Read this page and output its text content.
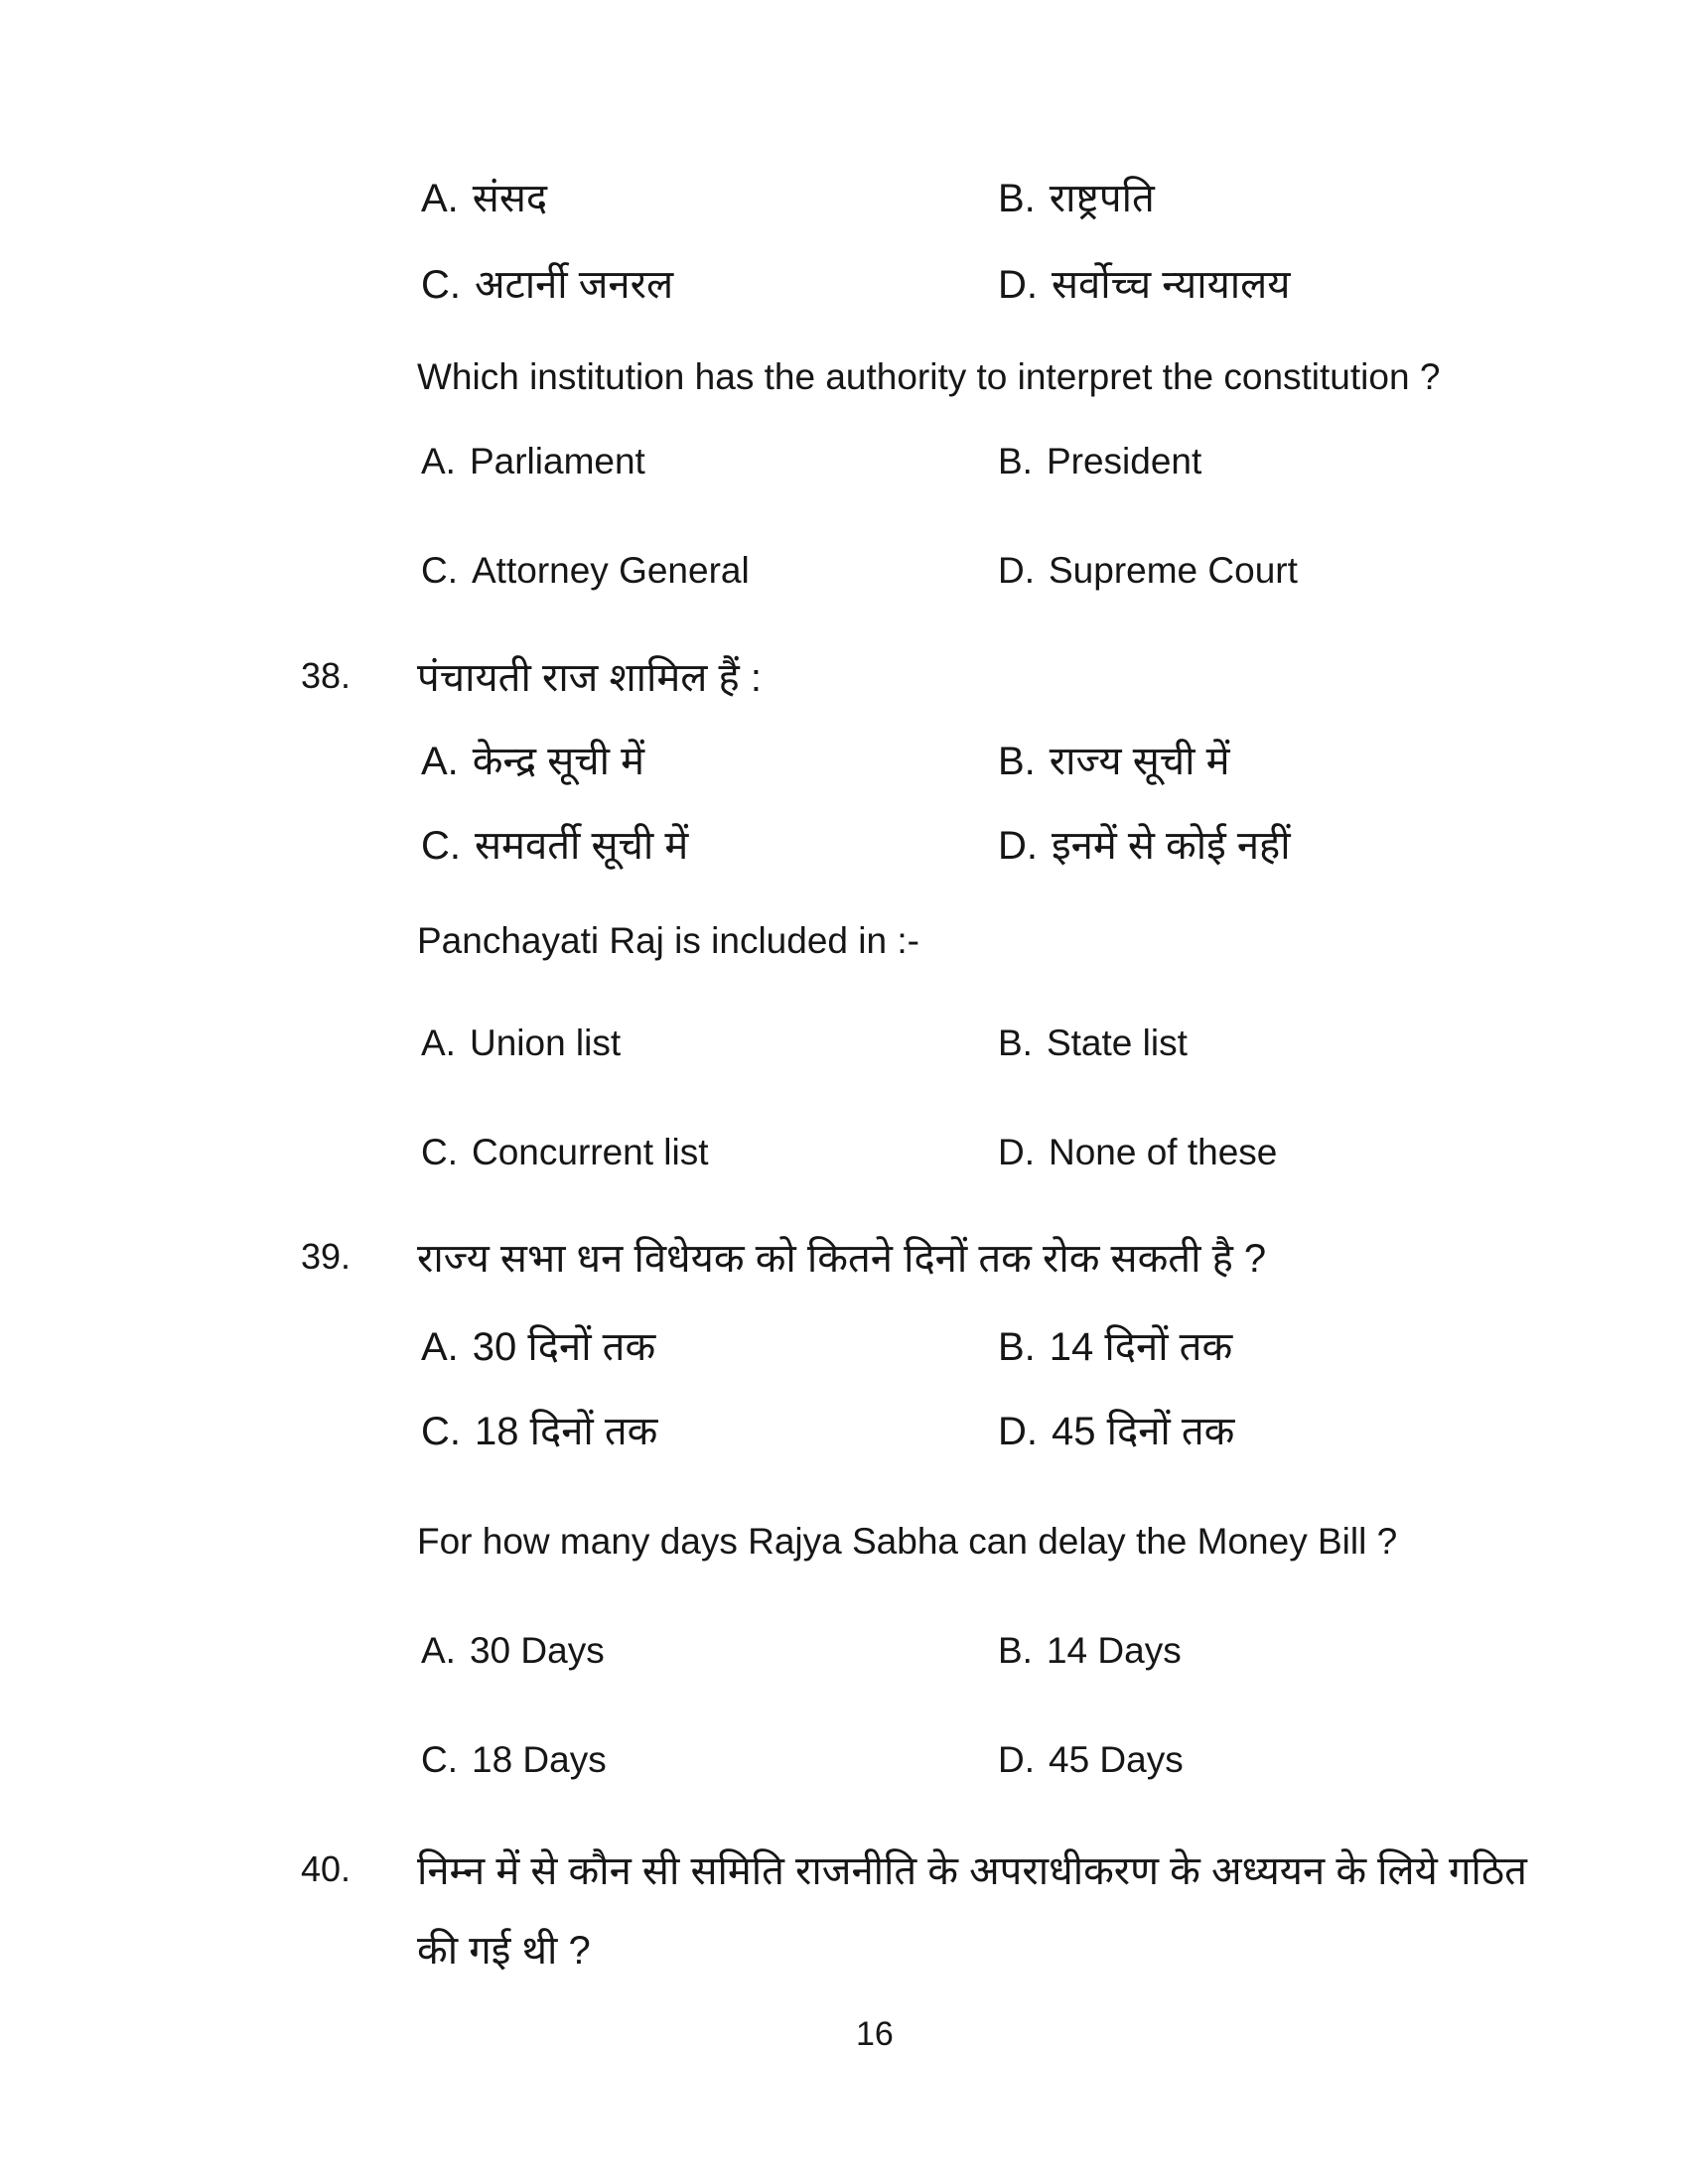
A. संसद	B. राष्ट्रपति
C. अटार्नी जनरल	D. सर्वोच्च न्यायालय
Which institution has the authority to interpret the constitution ?
A. Parliament	B. President
C. Attorney General	D. Supreme Court
38. पंचायती राज शामिल हैं :
A. केन्द्र सूची में	B. राज्य सूची में
C. समवर्ती सूची में	D. इनमें से कोई नहीं
Panchayati Raj is included in :-
A. Union list	B. State list
C. Concurrent list	D. None of these
39. राज्य सभा धन विधेयक को कितने दिनों तक रोक सकती है ?
A. 30 दिनों तक	B. 14 दिनों तक
C. 18 दिनों तक	D. 45 दिनों तक
For how many days Rajya Sabha can delay the Money Bill ?
A. 30 Days	B. 14 Days
C. 18 Days	D. 45 Days
40. निम्न में से कौन सी समिति राजनीति के अपराधीकरण के अध्ययन के लिये गठित
की गई थी ?
16
